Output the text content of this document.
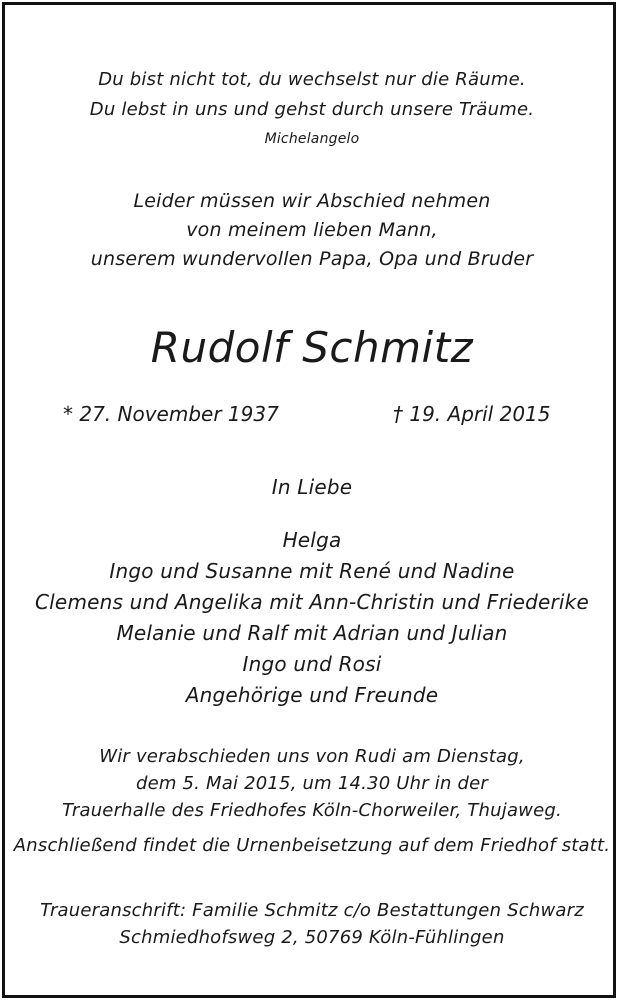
Du bist nicht tot, du wechselst nur die Räume.
Du lebst in uns und gehst durch unsere Träume.
Michelangelo
Leider müssen wir Abschied nehmen
von meinem lieben Mann,
unserem wundervollen Papa, Opa und Bruder
Rudolf Schmitz
* 27. November 1937	† 19. April 2015
In Liebe
Helga
Ingo und Susanne mit René und Nadine
Clemens und Angelika mit Ann-Christin und Friederike
Melanie und Ralf mit Adrian und Julian
Ingo und Rosi
Angehörige und Freunde
Wir verabschieden uns von Rudi am Dienstag,
dem 5. Mai 2015, um 14.30 Uhr in der
Trauerhalle des Friedhofes Köln-Chorweiler, Thujaweg.
Anschließend findet die Urnenbeisetzung auf dem Friedhof statt.
Traueranschrift: Familie Schmitz c/o Bestattungen Schwarz
Schmiedhofsweg 2, 50769 Köln-Fühlingen
